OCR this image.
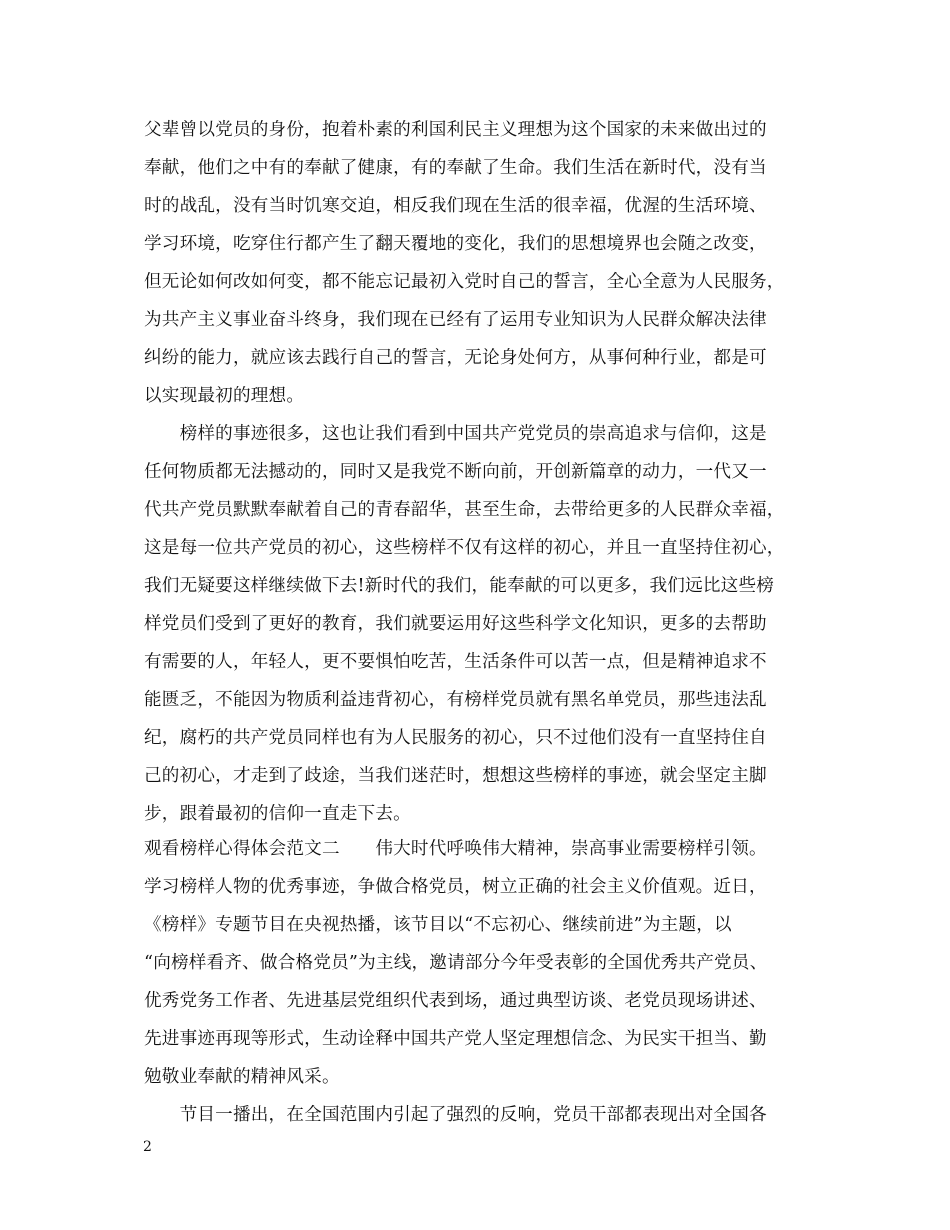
父辈曾以党员的身份，抱着朴素的利国利民主义理想为这个国家的未来做出过的
奉献，他们之中有的奉献了健康，有的奉献了生命。我们生活在新时代，没有当
时的战乱，没有当时饥寒交迫，相反我们现在生活的很幸福，优渥的生活环境、
学习环境，吃穿住行都产生了翻天覆地的变化，我们的思想境界也会随之改变，
但无论如何改如何变，都不能忘记最初入党时自己的誓言，全心全意为人民服务，
为共产主义事业奋斗终身，我们现在已经有了运用专业知识为人民群众解决法律
纠纷的能力，就应该去践行自己的誓言，无论身处何方，从事何种行业，都是可
以实现最初的理想。
　　榜样的事迹很多，这也让我们看到中国共产党党员的崇高追求与信仰，这是
任何物质都无法撼动的，同时又是我党不断向前，开创新篇章的动力，一代又一
代共产党员默默奉献着自己的青春韶华，甚至生命，去带给更多的人民群众幸福，
这是每一位共产党员的初心，这些榜样不仅有这样的初心，并且一直坚持住初心，
我们无疑要这样继续做下去!新时代的我们，能奉献的可以更多，我们远比这些榜
样党员们受到了更好的教育，我们就要运用好这些科学文化知识，更多的去帮助
有需要的人，年轻人，更不要惧怕吃苦，生活条件可以苦一点，但是精神追求不
能匮乏，不能因为物质利益违背初心，有榜样党员就有黑名单党员，那些违法乱
纪，腐朽的共产党员同样也有为人民服务的初心，只不过他们没有一直坚持住自
己的初心，才走到了歧途，当我们迷茫时，想想这些榜样的事迹，就会坚定主脚
步，跟着最初的信仰一直走下去。
观看榜样心得体会范文二　　伟大时代呼唤伟大精神，崇高事业需要榜样引领。
学习榜样人物的优秀事迹，争做合格党员，树立正确的社会主义价值观。近日，
《榜样》专题节目在央视热播，该节目以“不忘初心、继续前进”为主题，以
“向榜样看齐、做合格党员”为主线，邀请部分今年受表彰的全国优秀共产党员、
优秀党务工作者、先进基层党组织代表到场，通过典型访谈、老党员现场讲述、
先进事迹再现等形式，生动诠释中国共产党人坚定理想信念、为民实干担当、勤
勉敬业奉献的精神风采。
　　节目一播出，在全国范围内引起了强烈的反响，党员干部都表现出对全国各
2
